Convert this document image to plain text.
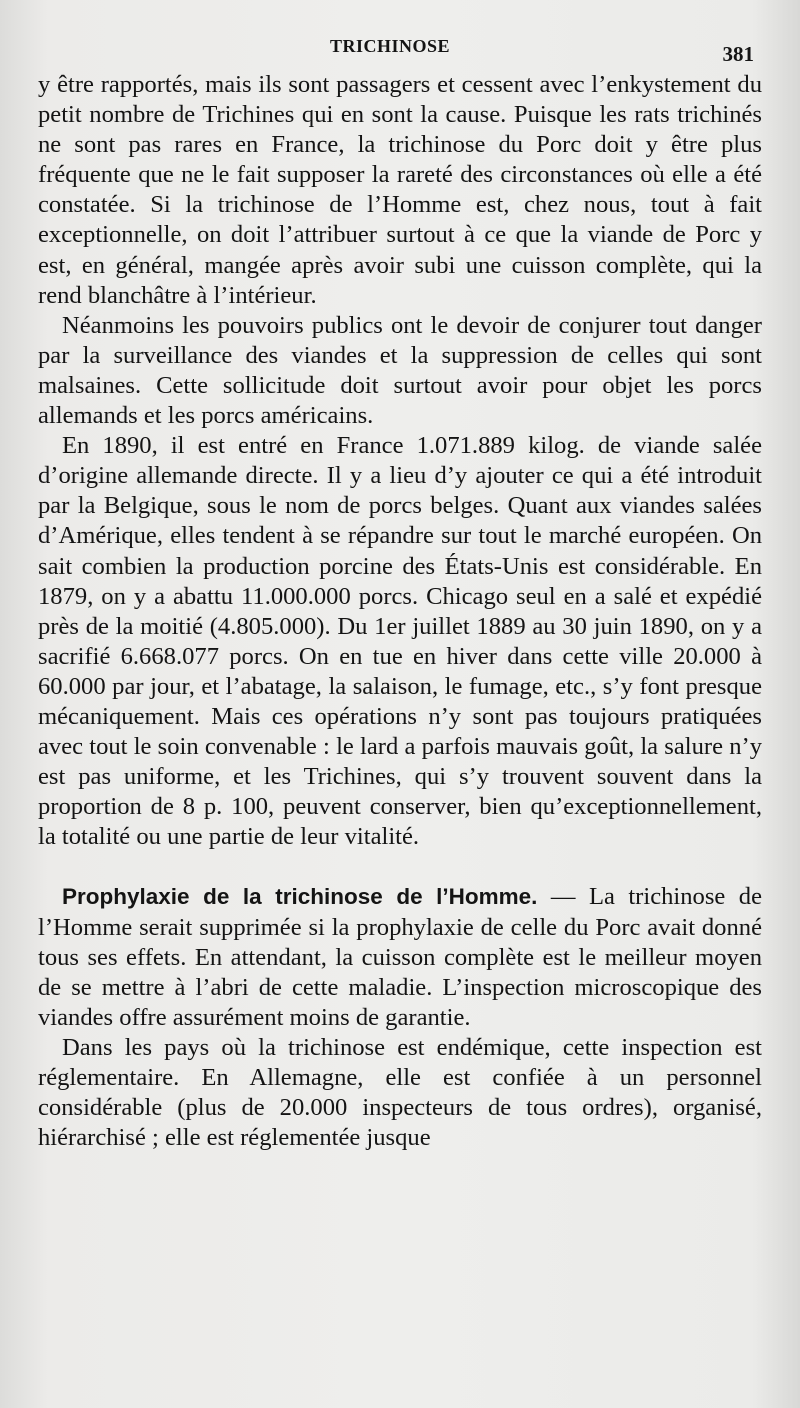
TRICHINOSE	381

y être rapportés, mais ils sont passagers et cessent avec l’enkystement du petit nombre de Trichines qui en sont la cause. Puisque les rats trichinés ne sont pas rares en France, la trichinose du Porc doit y être plus fréquente que ne le fait supposer la rareté des circonstances où elle a été constatée. Si la trichinose de l’Homme est, chez nous, tout à fait exceptionnelle, on doit l’attribuer surtout à ce que la viande de Porc y est, en général, mangée après avoir subi une cuisson complète, qui la rend blanchâtre à l’intérieur.

Néanmoins les pouvoirs publics ont le devoir de conjurer tout danger par la surveillance des viandes et la suppression de celles qui sont malsaines. Cette sollicitude doit surtout avoir pour objet les porcs allemands et les porcs américains.

En 1890, il est entré en France 1.071.889 kilog. de viande salée d’origine allemande directe. Il y a lieu d’y ajouter ce qui a été introduit par la Belgique, sous le nom de porcs belges. Quant aux viandes salées d’Amérique, elles tendent à se répandre sur tout le marché européen. On sait combien la production porcine des États-Unis est considérable. En 1879, on y a abattu 11.000.000 porcs. Chicago seul en a salé et expédié près de la moitié (4.805.000). Du 1er juillet 1889 au 30 juin 1890, on y a sacrifié 6.668.077 porcs. On en tue en hiver dans cette ville 20.000 à 60.000 par jour, et l’abatage, la salaison, le fumage, etc., s’y font presque mécaniquement. Mais ces opérations n’y sont pas toujours pratiquées avec tout le soin convenable : le lard a parfois mauvais goût, la salure n’y est pas uniforme, et les Trichines, qui s’y trouvent souvent dans la proportion de 8 p. 100, peuvent conserver, bien qu’exceptionnellement, la totalité ou une partie de leur vitalité.

Prophylaxie de la trichinose de l’Homme. — La trichinose de l’Homme serait supprimée si la prophylaxie de celle du Porc avait donné tous ses effets. En attendant, la cuisson complète est le meilleur moyen de se mettre à l’abri de cette maladie. L’inspection microscopique des viandes offre assurément moins de garantie.

Dans les pays où la trichinose est endémique, cette inspection est réglementaire. En Allemagne, elle est confiée à un personnel considérable (plus de 20.000 inspecteurs de tous ordres), organisé, hiérarchisé ; elle est réglementée jusque
